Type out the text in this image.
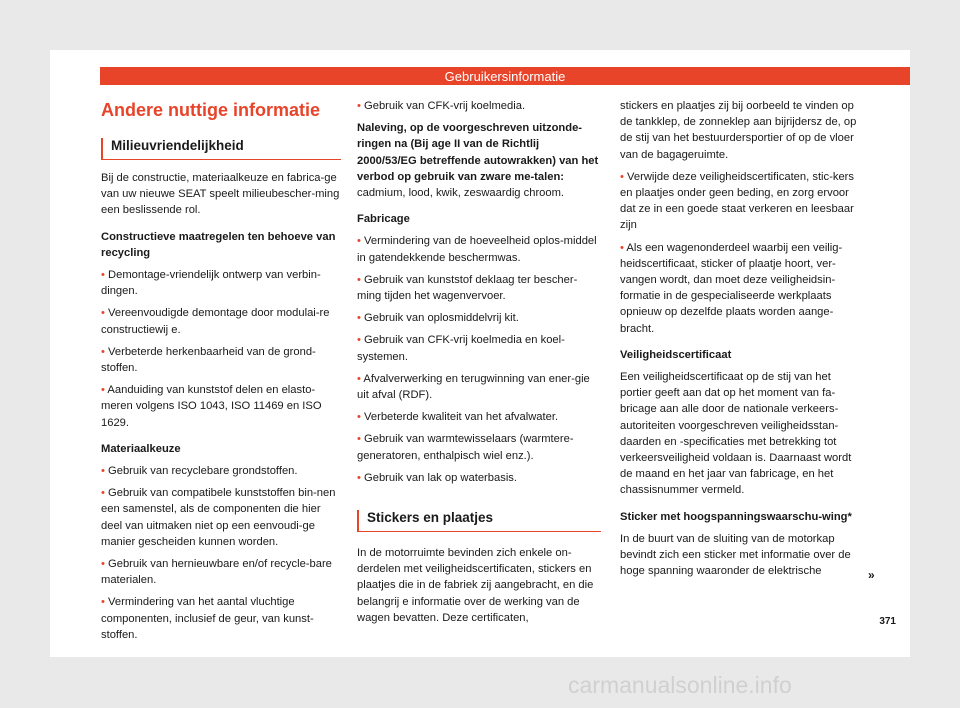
Gebruikersinformatie
Andere nuttige informatie
Milieuvriendelijkheid

Bij de constructie, materiaalkeuze en fabrica-ge van uw nieuwe SEAT speelt milieubescher-ming een beslissende rol.

Constructieve maatregelen ten behoeve van recycling

• Demontage-vriendelijk ontwerp van verbin-dingen.

• Vereenvoudigde demontage door modulai-re constructiewij e.

• Verbeterde herkenbaarheid van de grond-stoffen.

• Aanduiding van kunststof delen en elasto-meren volgens ISO 1043, ISO 11469 en ISO 1629.

Materiaalkeuze

• Gebruik van recyclebare grondstoffen.

• Gebruik van compatibele kunststoffen bin-nen een samenstel, als de componenten die hier deel van uitmaken niet op een eenvoudi-ge manier gescheiden kunnen worden.

• Gebruik van hernieuwbare en/of recycle-bare materialen.

• Vermindering van het aantal vluchtige componenten, inclusief de geur, van kunst-stoffen.

• Gebruik van CFK-vrij koelmedia.

Naleving, op de voorgeschreven uitzonde-ringen na (Bij age II van de Richtlij 2000/53/EG betreffende autowrakken) van het verbod op gebruik van zware me-talen: cadmium, lood, kwik, zeswaardig chroom.

Fabricage

• Vermindering van de hoeveelheid oplos-middel in gatendekkende beschermwas.

• Gebruik van kunststof deklaag ter bescher-ming tijden het wagenvervoer.

• Gebruik van oplosmiddelvrij kit.

• Gebruik van CFK-vrij koelmedia en koel-systemen.

• Afvalverwerking en terugwinning van ener-gie uit afval (RDF).

• Verbeterde kwaliteit van het afvalwater.

• Gebruik van warmtewisselaars (warmtere-generatoren, enthalpisch wiel enz.).

• Gebruik van lak op waterbasis.

Stickers en plaatjes

In de motorruimte bevinden zich enkele on-derdelen met veiligheidscertificaten, stickers en plaatjes die in de fabriek zij aangebracht, en die belangrij e informatie over de werking van de wagen bevatten. Deze certificaten,

stickers en plaatjes zij bij oorbeeld te vinden op de tankklep, de zonneklep aan bijrijdersz de, op de stij van het bestuurdersportier of op de vloer van de bagageruimte.

• Verwijde deze veiligheidscertificaten, stic-kers en plaatjes onder geen beding, en zorg ervoor dat ze in een goede staat verkeren en leesbaar zijn

• Als een wagenonderdeel waarbij een veilig-heidscertificaat, sticker of plaatje hoort, ver-vangen wordt, dan moet deze veiligheidsin-formatie in de gespecialiseerde werkplaats opnieuw op dezelfde plaats worden aange-bracht.

Veiligheidscertificaat

Een veiligheidscertificaat op de stij van het portier geeft aan dat op het moment van fa-bricage aan alle door de nationale verkeers-autoriteiten voorgeschreven veiligheidsstan-daarden en -specificaties met betrekking tot verkeersveiligheid voldaan is. Daarnaast wordt de maand en het jaar van fabricage, en het chassisnummer vermeld.

Sticker met hoogspanningswaarschu-wing*

In de buurt van de sluiting van de motorkap bevindt zich een sticker met informatie over de hoge spanning waaronder de elektrische	»
371
carmanualsonline.info
